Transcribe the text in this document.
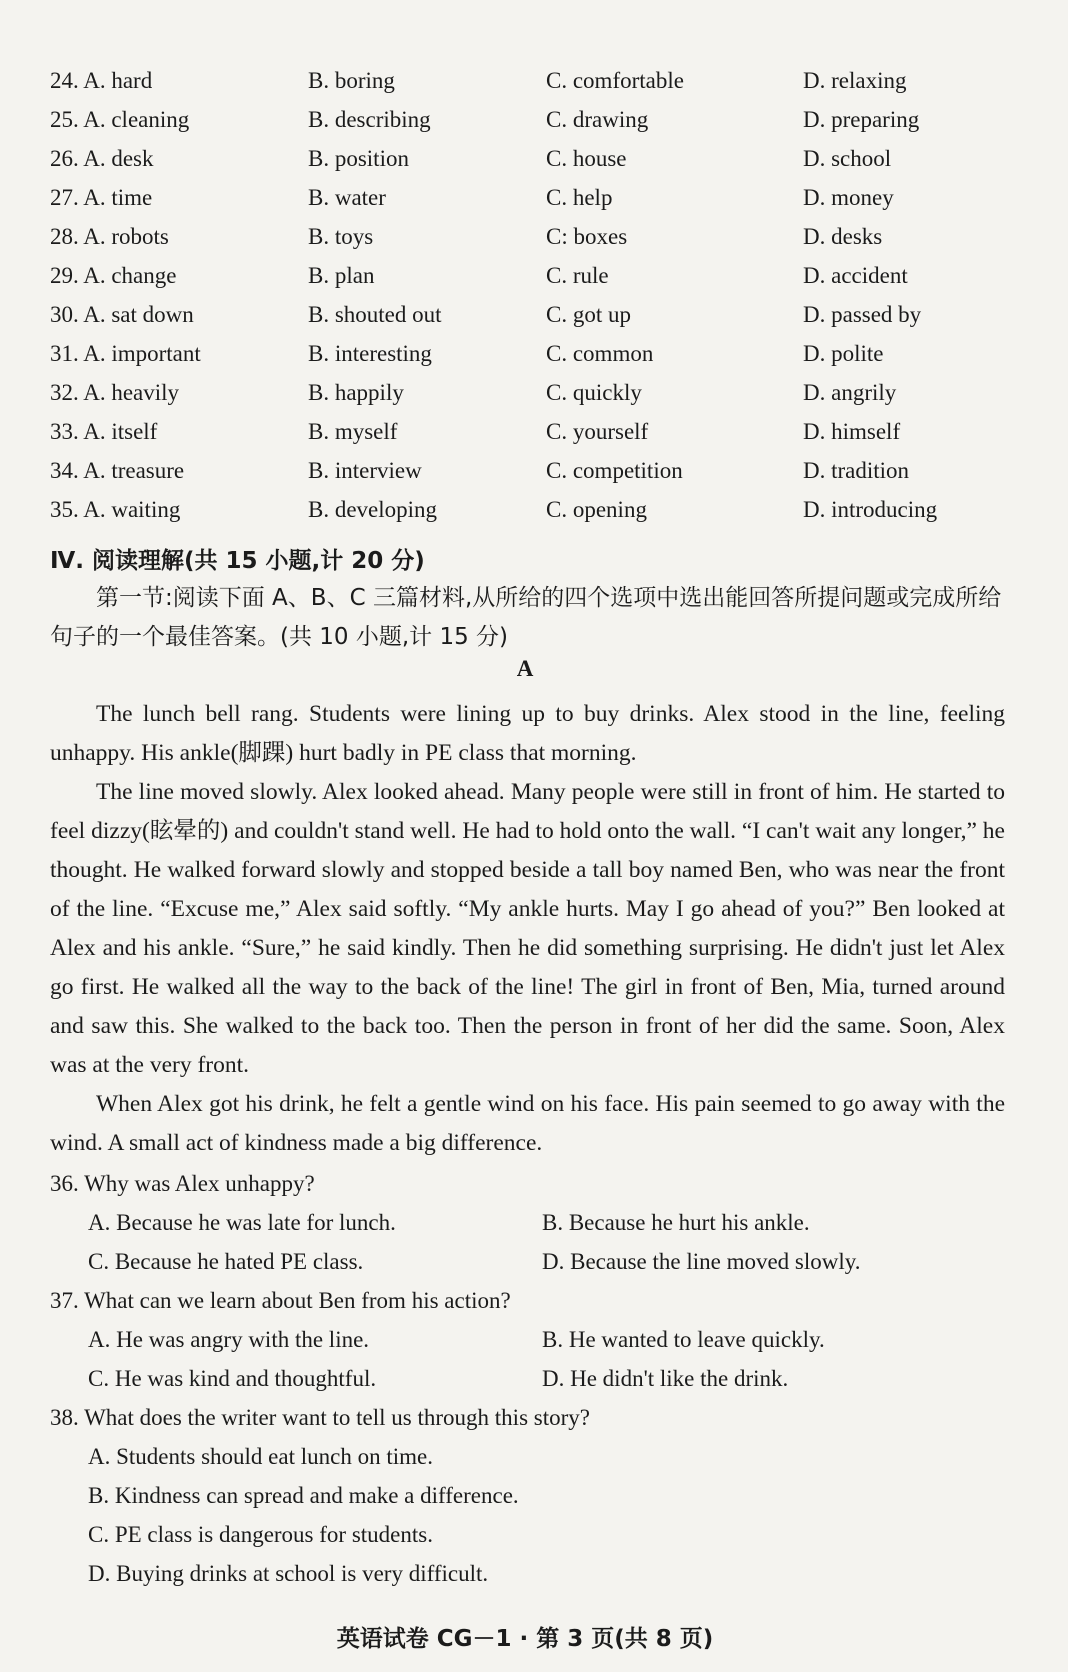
24. A. hard	B. boring	C. comfortable	D. relaxing
25. A. cleaning	B. describing	C. drawing	D. preparing
26. A. desk	B. position	C. house	D. school
27. A. time	B. water	C. help	D. money
28. A. robots	B. toys	C: boxes	D. desks
29. A. change	B. plan	C. rule	D. accident
30. A. sat down	B. shouted out	C. got up	D. passed by
31. A. important	B. interesting	C. common	D. polite
32. A. heavily	B. happily	C. quickly	D. angrily
33. A. itself	B. myself	C. yourself	D. himself
34. A. treasure	B. interview	C. competition	D. tradition
35. A. waiting	B. developing	C. opening	D. introducing
Ⅳ. 阅读理解(共 15 小题,计 20 分)
第一节:阅读下面 A、B、C 三篇材料,从所给的四个选项中选出能回答所提问题或完成所给句子的一个最佳答案。(共 10 小题,计 15 分)
A

The lunch bell rang. Students were lining up to buy drinks. Alex stood in the line, feeling unhappy. His ankle(脚踝) hurt badly in PE class that morning.

The line moved slowly. Alex looked ahead. Many people were still in front of him. He started to feel dizzy(眩晕的) and couldn't stand well. He had to hold onto the wall. “I can't wait any longer,” he thought. He walked forward slowly and stopped beside a tall boy named Ben, who was near the front of the line. “Excuse me,” Alex said softly. “My ankle hurts. May I go ahead of you?” Ben looked at Alex and his ankle. “Sure,” he said kindly. Then he did something surprising. He didn't just let Alex go first. He walked all the way to the back of the line! The girl in front of Ben, Mia, turned around and saw this. She walked to the back too. Then the person in front of her did the same. Soon, Alex was at the very front.

When Alex got his drink, he felt a gentle wind on his face. His pain seemed to go away with the wind. A small act of kindness made a big difference.

36. Why was Alex unhappy?
A. Because he was late for lunch.	B. Because he hurt his ankle.
C. Because he hated PE class.	D. Because the line moved slowly.
37. What can we learn about Ben from his action?
A. He was angry with the line.	B. He wanted to leave quickly.
C. He was kind and thoughtful.	D. He didn't like the drink.
38. What does the writer want to tell us through this story?
A. Students should eat lunch on time.
B. Kindness can spread and make a difference.
C. PE class is dangerous for students.
D. Buying drinks at school is very difficult.
英语试卷 CG－1 · 第 3 页(共 8 页)
